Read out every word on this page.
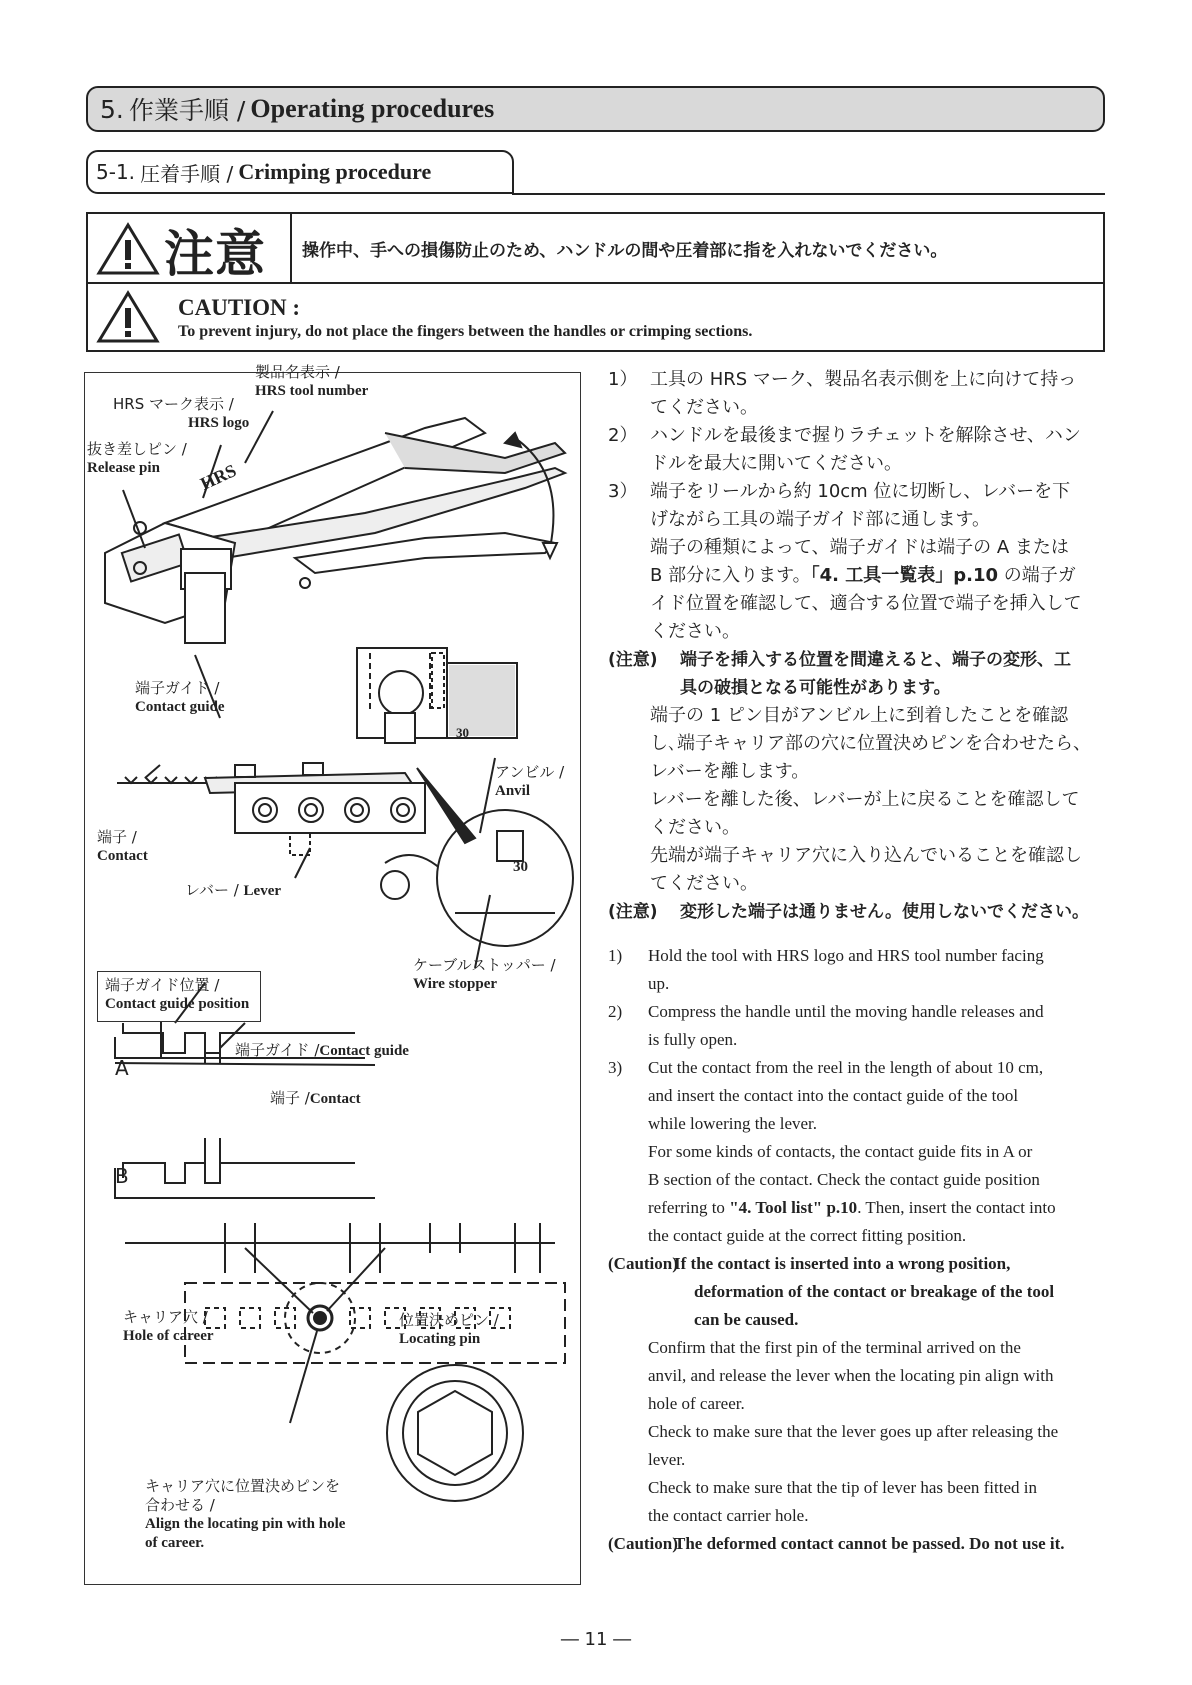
5.
作業手順 /
Operating procedures
5-1.
圧着手順 /
Crimping procedure
注意 操作中、手への損傷防止のため、ハンドルの間や圧着部に指を入れないでください。
CAUTION :
To prevent injury, do not place the fingers between the handles or crimping sections.
製品名表示 /
HRS tool number
HRS マーク表示 /
HRS logo
抜き差しピン /
Release pin	HRS
端子ガイド /
Contact guide
アンビル /
Anvil
30
30
端子 /
Contact
レバー / Lever
ケーブルストッパー /
Wire stopper
端子ガイド位置 /
Contact guide position
端子ガイド /Contact guide
A
端子 /Contact
B
キャリア穴 /
Hole of career
位置決めピン /
Locating pin
キャリア穴に位置決めピンを
合わせる /
Align the locating pin with hole
of career.
1） 工具の HRS マーク、製品名表示側を上に向けて持っ
てください。
2） ハンドルを最後まで握りラチェットを解除させ、ハン
ドルを最大に開いてください。
3） 端子をリールから約 10cm 位に切断し、レバーを下
げながら工具の端子ガイド部に通します。
端子の種類によって、端子ガイドは端子の A または
B 部分に入ります。「4. 工具一覧表」p.10 の端子ガ
イド位置を確認して、適合する位置で端子を挿入して
ください。
(注意) 端子を挿入する位置を間違えると、端子の変形、工
具の破損となる可能性があります。
端子の 1 ピン目がアンビル上に到着したことを確認
し､端子キャリア部の穴に位置決めピンを合わせたら、
レバーを離します。
レバーを離した後、レバーが上に戻ることを確認して
ください。
先端が端子キャリア穴に入り込んでいることを確認し
てください。
(注意) 変形した端子は通りません。使用しないでください。
1) Hold the tool with HRS logo and HRS tool number facing
up.
2) Compress the handle until the moving handle releases and
is fully open.
3) Cut the contact from the reel in the length of about 10 cm,
and insert the contact into the contact guide of the tool
while lowering the lever.
For some kinds of contacts, the contact guide fits in A or
B section of the contact. Check the contact guide position
referring to "4. Tool list" p.10. Then, insert the contact into
the contact guide at the correct fitting position.
(Caution)
If the contact is inserted into a wrong position,
deformation of the contact or breakage of the tool
can be caused.
Confirm that the first pin of the terminal arrived on the
anvil, and release the lever when the locating pin align with
hole of career.
Check to make sure that the lever goes up after releasing the
lever.
Check to make sure that the tip of lever has been fitted in
the contact carrier hole.
(Caution)
The deformed contact cannot be passed. Do not use it.
― 11 ―
